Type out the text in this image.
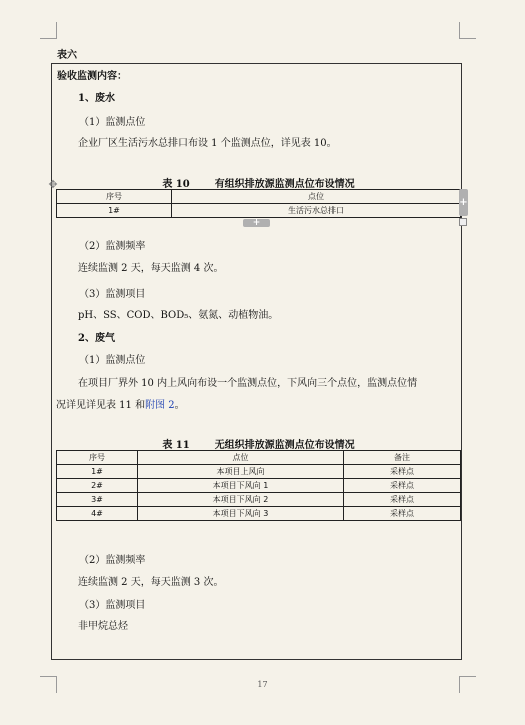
表六
验收监测内容：
1、废水
（1）监测点位
企业厂区生活污水总排口布设 1 个监测点位，详见表 10。
表 10 有组织排放源监测点位布设情况
✥
序号	点位
1#	生活污水总排口
+
+
（2）监测频率
连续监测 2 天，每天监测 4 次。
（3）监测项目
pH、SS、COD、BOD₅、氨氮、动植物油。
2、废气
（1）监测点位
在项目厂界外 10 内上风向布设一个监测点位，下风向三个点位，监测点位情
况详见详见表 11 和附图 2。
表 11 无组织排放源监测点位布设情况
序号	点位	备注
1#	本项目上风向	采样点
2#	本项目下风向 1	采样点
3#	本项目下风向 2	采样点
4#	本项目下风向 3	采样点
（2）监测频率
连续监测 2 天，每天监测 3 次。
（3）监测项目
非甲烷总烃
17
